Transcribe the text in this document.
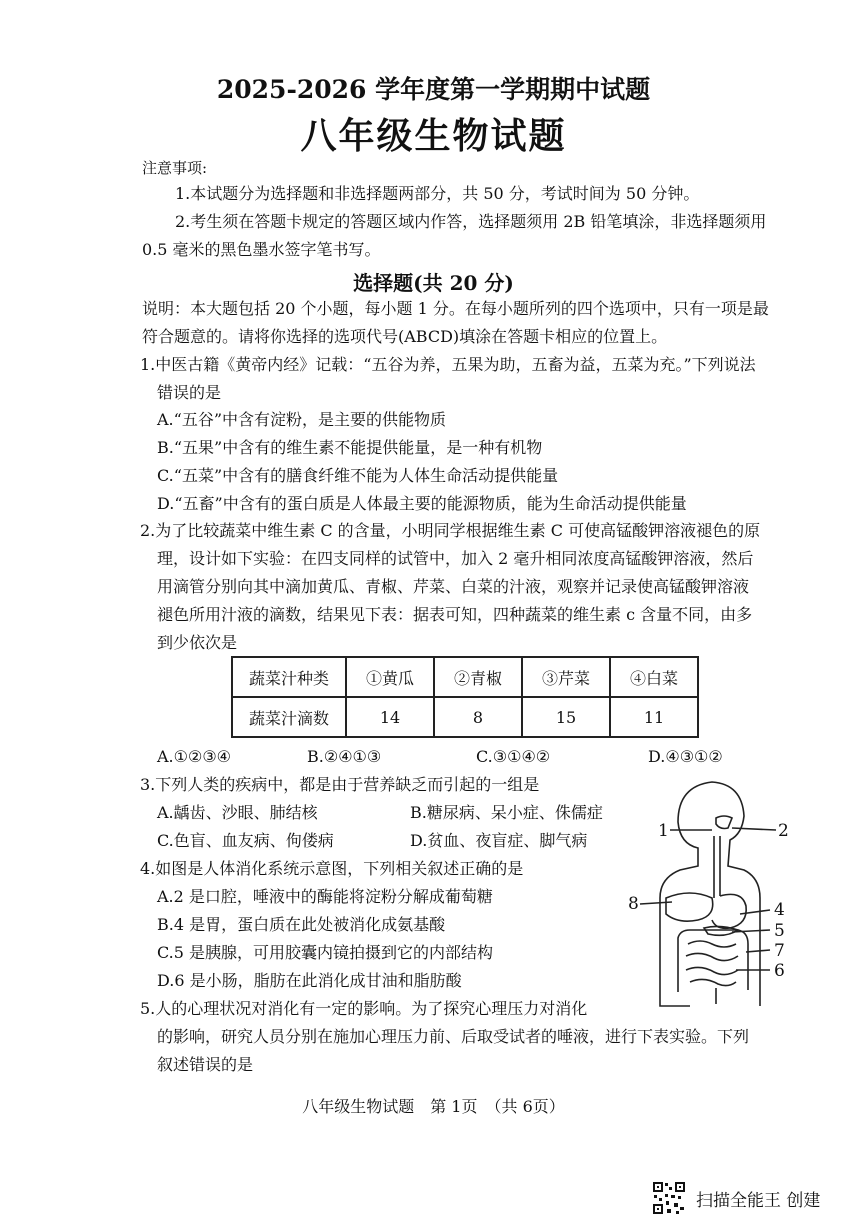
2025-2026 学年度第一学期期中试题
八年级生物试题
注意事项:
1.本试题分为选择题和非选择题两部分，共 50 分，考试时间为 50 分钟。
2.考生须在答题卡规定的答题区域内作答，选择题须用 2B 铅笔填涂，非选择题须用
0.5 毫米的黑色墨水签字笔书写。
选择题(共 20 分)
说明：本大题包括 20 个小题，每小题 1 分。在每小题所列的四个选项中，只有一项是最
符合题意的。请将你选择的选项代号(ABCD)填涂在答题卡相应的位置上。
1.中医古籍《黄帝内经》记载：“五谷为养，五果为助，五畜为益，五菜为充。”下列说法
错误的是
A.“五谷”中含有淀粉，是主要的供能物质
B.“五果”中含有的维生素不能提供能量，是一种有机物
C.“五菜”中含有的膳食纤维不能为人体生命活动提供能量
D.“五畜”中含有的蛋白质是人体最主要的能源物质，能为生命活动提供能量
2.为了比较蔬菜中维生素 C 的含量，小明同学根据维生素 C 可使高锰酸钾溶液褪色的原
理，设计如下实验：在四支同样的试管中，加入 2 毫升相同浓度高锰酸钾溶液，然后
用滴管分别向其中滴加黄瓜、青椒、芹菜、白菜的汁液，观察并记录使高锰酸钾溶液
褪色所用汁液的滴数，结果见下表：据表可知，四种蔬菜的维生素 c 含量不同，由多
到少依次是
蔬菜汁种类	①黄瓜	②青椒	③芹菜	④白菜
蔬菜汁滴数	14	8	15	11
A.①②③④	B.②④①③	C.③①④②	D.④③①②
3.下列人类的疾病中，都是由于营养缺乏而引起的一组是
A.龋齿、沙眼、肺结核	B.糖尿病、呆小症、侏儒症
C.色盲、血友病、佝偻病	D.贫血、夜盲症、脚气病
4.如图是人体消化系统示意图，下列相关叙述正确的是
A.2 是口腔，唾液中的酶能将淀粉分解成葡萄糖
B.4 是胃，蛋白质在此处被消化成氨基酸
C.5 是胰腺，可用胶囊内镜拍摄到它的内部结构
D.6 是小肠，脂肪在此消化成甘油和脂肪酸
1	2
8	4
5
7
6
5.人的心理状况对消化有一定的影响。为了探究心理压力对消化
的影响，研究人员分别在施加心理压力前、后取受试者的唾液，进行下表实验。下列
叙述错误的是
八年级生物试题　第 1页　（共 6页）
扫描全能王 创建
